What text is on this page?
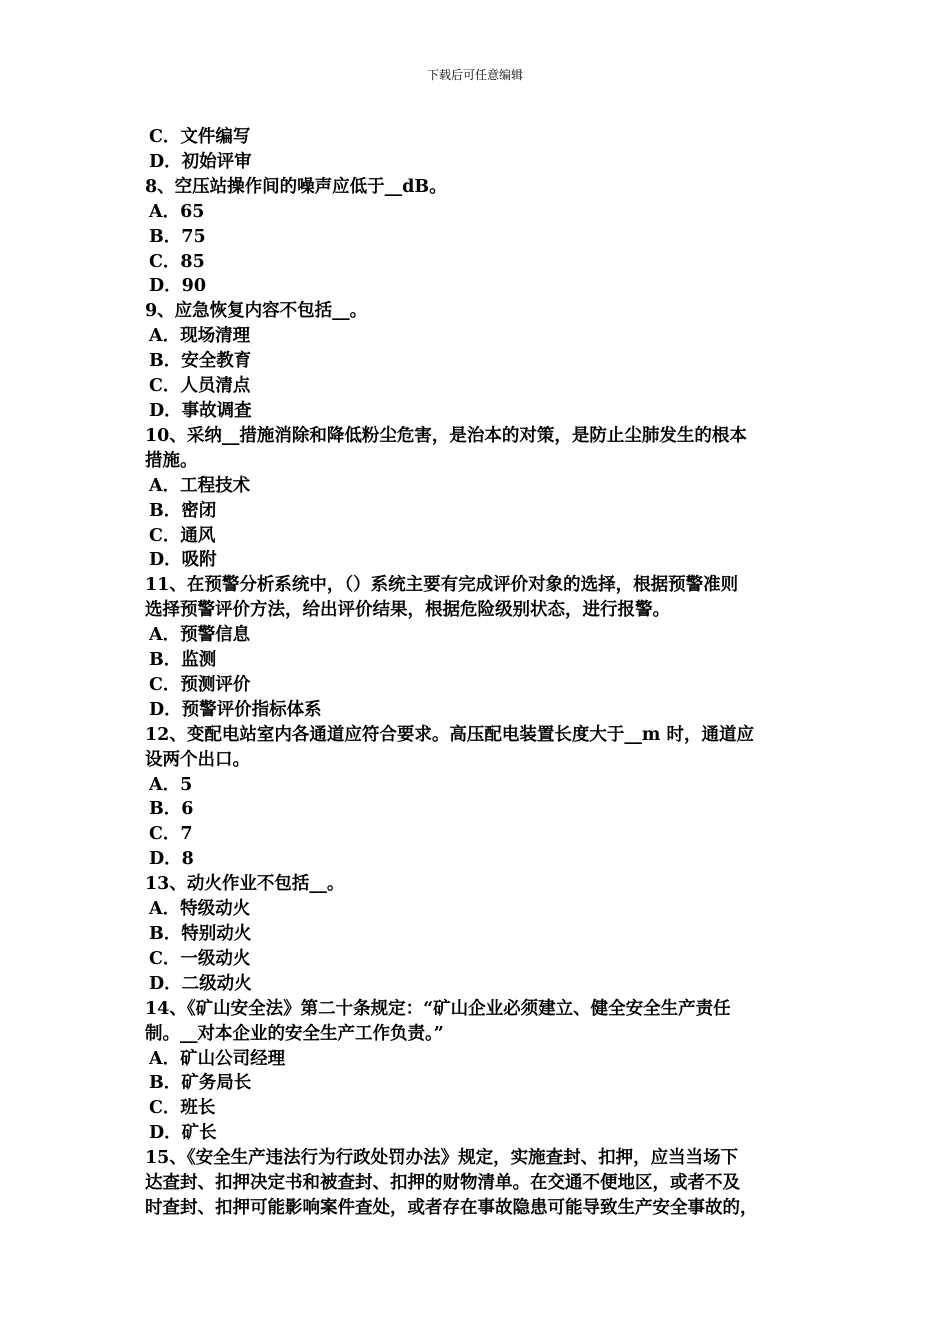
下载后可任意编辑

C．文件编写

D．初始评审

8、空压站操作间的噪声应低于__dB。

A．65

B．75

C．85

D．90

9、应急恢复内容不包括__。

A．现场清理

B．安全教育

C．人员清点

D．事故调查

10、采纳__措施消除和降低粉尘危害，是治本的对策，是防止尘肺发生的根本

措施。

A．工程技术

B．密闭

C．通风

D．吸附

11、在预警分析系统中，（）系统主要有完成评价对象的选择，根据预警准则

选择预警评价方法，给出评价结果，根据危险级别状态，进行报警。

A．预警信息

B．监测

C．预测评价

D．预警评价指标体系

12、变配电站室内各通道应符合要求。高压配电装置长度大于__m 时，通道应

设两个出口。

A．5

B．6

C．7

D．8

13、动火作业不包括__。

A．特级动火

B．特别动火

C．一级动火

D．二级动火

14、《矿山安全法》第二十条规定：“矿山企业必须建立、健全安全生产责任

制。__对本企业的安全生产工作负责。”

A．矿山公司经理

B．矿务局长

C．班长

D．矿长

15、《安全生产违法行为行政处罚办法》规定，实施查封、扣押，应当当场下

达查封、扣押决定书和被查封、扣押的财物清单。在交通不便地区，或者不及

时查封、扣押可能影响案件查处，或者存在事故隐患可能导致生产安全事故的，
